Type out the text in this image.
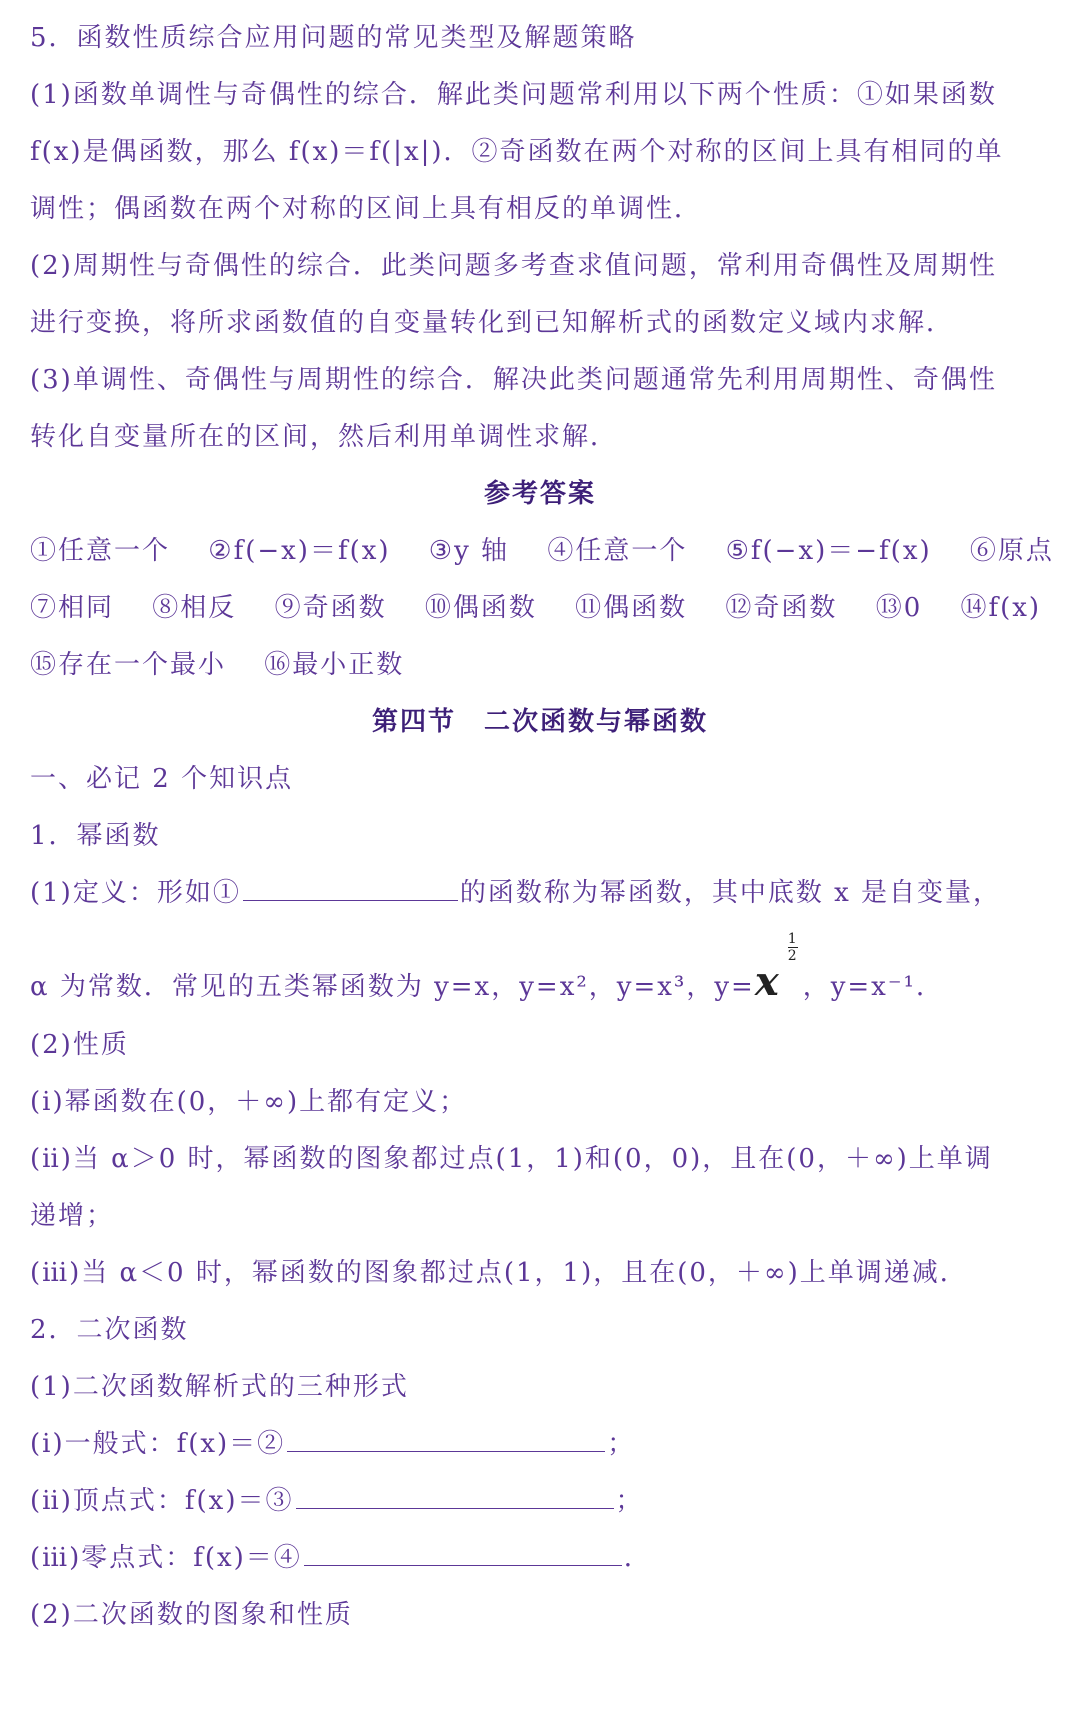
5．函数性质综合应用问题的常见类型及解题策略
(1)函数单调性与奇偶性的综合．解此类问题常利用以下两个性质：①如果函数
f(x)是偶函数，那么 f(x)＝f(|x|)．②奇函数在两个对称的区间上具有相同的单
调性；偶函数在两个对称的区间上具有相反的单调性．
(2)周期性与奇偶性的综合．此类问题多考查求值问题，常利用奇偶性及周期性
进行变换，将所求函数值的自变量转化到已知解析式的函数定义域内求解．
(3)单调性、奇偶性与周期性的综合．解决此类问题通常先利用周期性、奇偶性
转化自变量所在的区间，然后利用单调性求解．
参考答案
①任意一个 ②f(−x)＝f(x) ③y 轴 ④任意一个 ⑤f(−x)＝−f(x) ⑥原点
⑦相同 ⑧相反 ⑨奇函数 ⑩偶函数 ⑪偶函数 ⑫奇函数 ⑬0 ⑭f(x)
⑮存在一个最小 ⑯最小正数
第四节　二次函数与幂函数
一、必记 2 个知识点
1．幂函数
(1)定义：形如①	的函数称为幂函数，其中底数 x 是自变量，
α 为常数．常见的五类幂函数为 y=x，y=x²，y=x³，y=x
1
2
，y=x⁻¹．
(2)性质
(ⅰ)幂函数在(0，＋∞)上都有定义；
(ⅱ)当 α＞0 时，幂函数的图象都过点(1，1)和(0，0)，且在(0，＋∞)上单调
递增；
(ⅲ)当 α＜0 时，幂函数的图象都过点(1，1)，且在(0，＋∞)上单调递减．
2．二次函数
(1)二次函数解析式的三种形式
(ⅰ)一般式：f(x)＝②	；
(ⅱ)顶点式：f(x)＝③	；
(ⅲ)零点式：f(x)＝④	．
(2)二次函数的图象和性质
